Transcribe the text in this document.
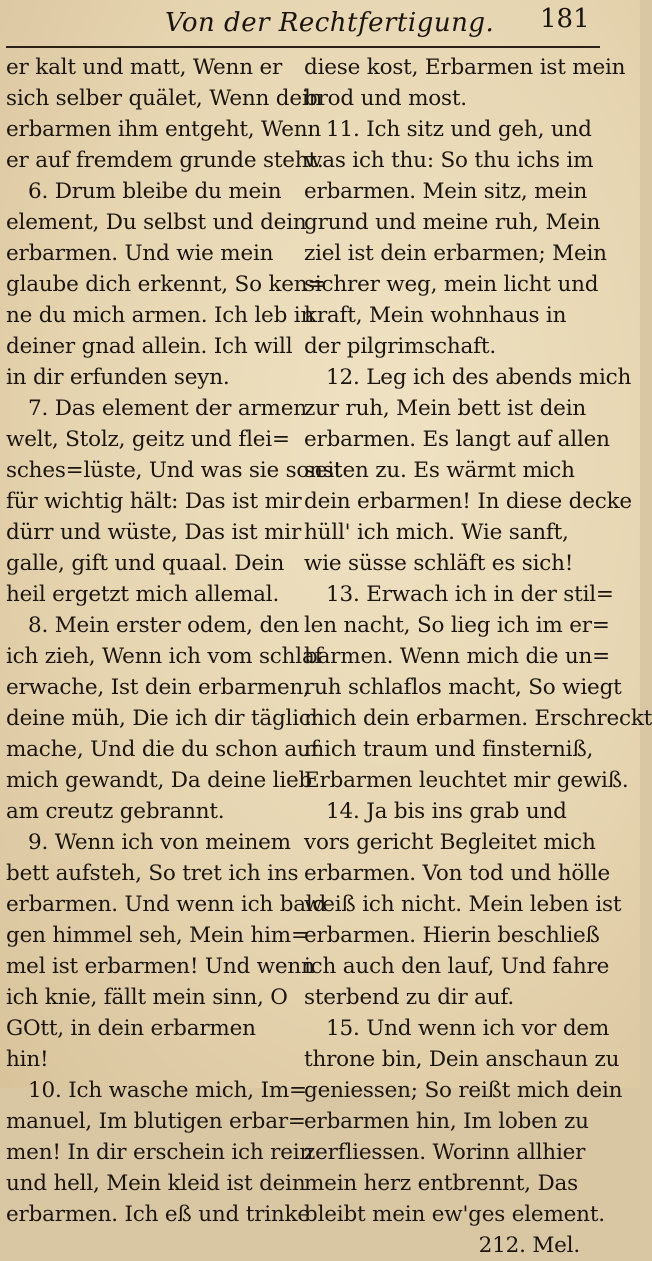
Von der Rechtfertigung. 181
er kalt und matt, Wenn er
sich selber quälet, Wenn dein
erbarmen ihm entgeht, Wenn
er auf fremdem grunde steht.
6. Drum bleibe du mein
element, Du selbst und dein
erbarmen. Und wie mein
glaube dich erkennt, So ken=
ne du mich armen. Ich leb in
deiner gnad allein. Ich will
in dir erfunden seyn.
7. Das element der armen
welt, Stolz, geitz und flei=
sches=lüste, Und was sie sonst
für wichtig hält: Das ist mir
dürr und wüste, Das ist mir
galle, gift und quaal. Dein
heil ergetzt mich allemal.
8. Mein erster odem, den
ich zieh, Wenn ich vom schlaf
erwache, Ist dein erbarmen,
deine müh, Die ich dir täglich
mache, Und die du schon auf
mich gewandt, Da deine lieb
am creutz gebrannt.
9. Wenn ich von meinem
bett aufsteh, So tret ich ins
erbarmen. Und wenn ich bald
gen himmel seh, Mein him=
mel ist erbarmen! Und wenn
ich knie, fällt mein sinn, O
GOtt, in dein erbarmen
hin!
10. Ich wasche mich, Im=
manuel, Im blutigen erbar=
men! In dir erschein ich rein
und hell, Mein kleid ist dein
erbarmen. Ich eß und trinke
diese kost, Erbarmen ist mein
brod und most.
11. Ich sitz und geh, und
was ich thu: So thu ichs im
erbarmen. Mein sitz, mein
grund und meine ruh, Mein
ziel ist dein erbarmen; Mein
sichrer weg, mein licht und
kraft, Mein wohnhaus in
der pilgrimschaft.
12. Leg ich des abends mich
zur ruh, Mein bett ist dein
erbarmen. Es langt auf allen
seiten zu. Es wärmt mich
dein erbarmen! In diese decke
hüll' ich mich. Wie sanft,
wie süsse schläft es sich!
13. Erwach ich in der stil=
len nacht, So lieg ich im er=
barmen. Wenn mich die un=
ruh schlaflos macht, So wiegt
mich dein erbarmen. Erschreckt
mich traum und finsterniß,
Erbarmen leuchtet mir gewiß.
14. Ja bis ins grab und
vors gericht Begleitet mich
erbarmen. Von tod und hölle
weiß ich nicht. Mein leben ist
erbarmen. Hierin beschließ
ich auch den lauf, Und fahre
sterbend zu dir auf.
15. Und wenn ich vor dem
throne bin, Dein anschaun zu
geniessen; So reißt mich dein
erbarmen hin, Im loben zu
zerfliessen. Worinn allhier
mein herz entbrennt, Das
bleibt mein ew'ges element.
212. Mel.
